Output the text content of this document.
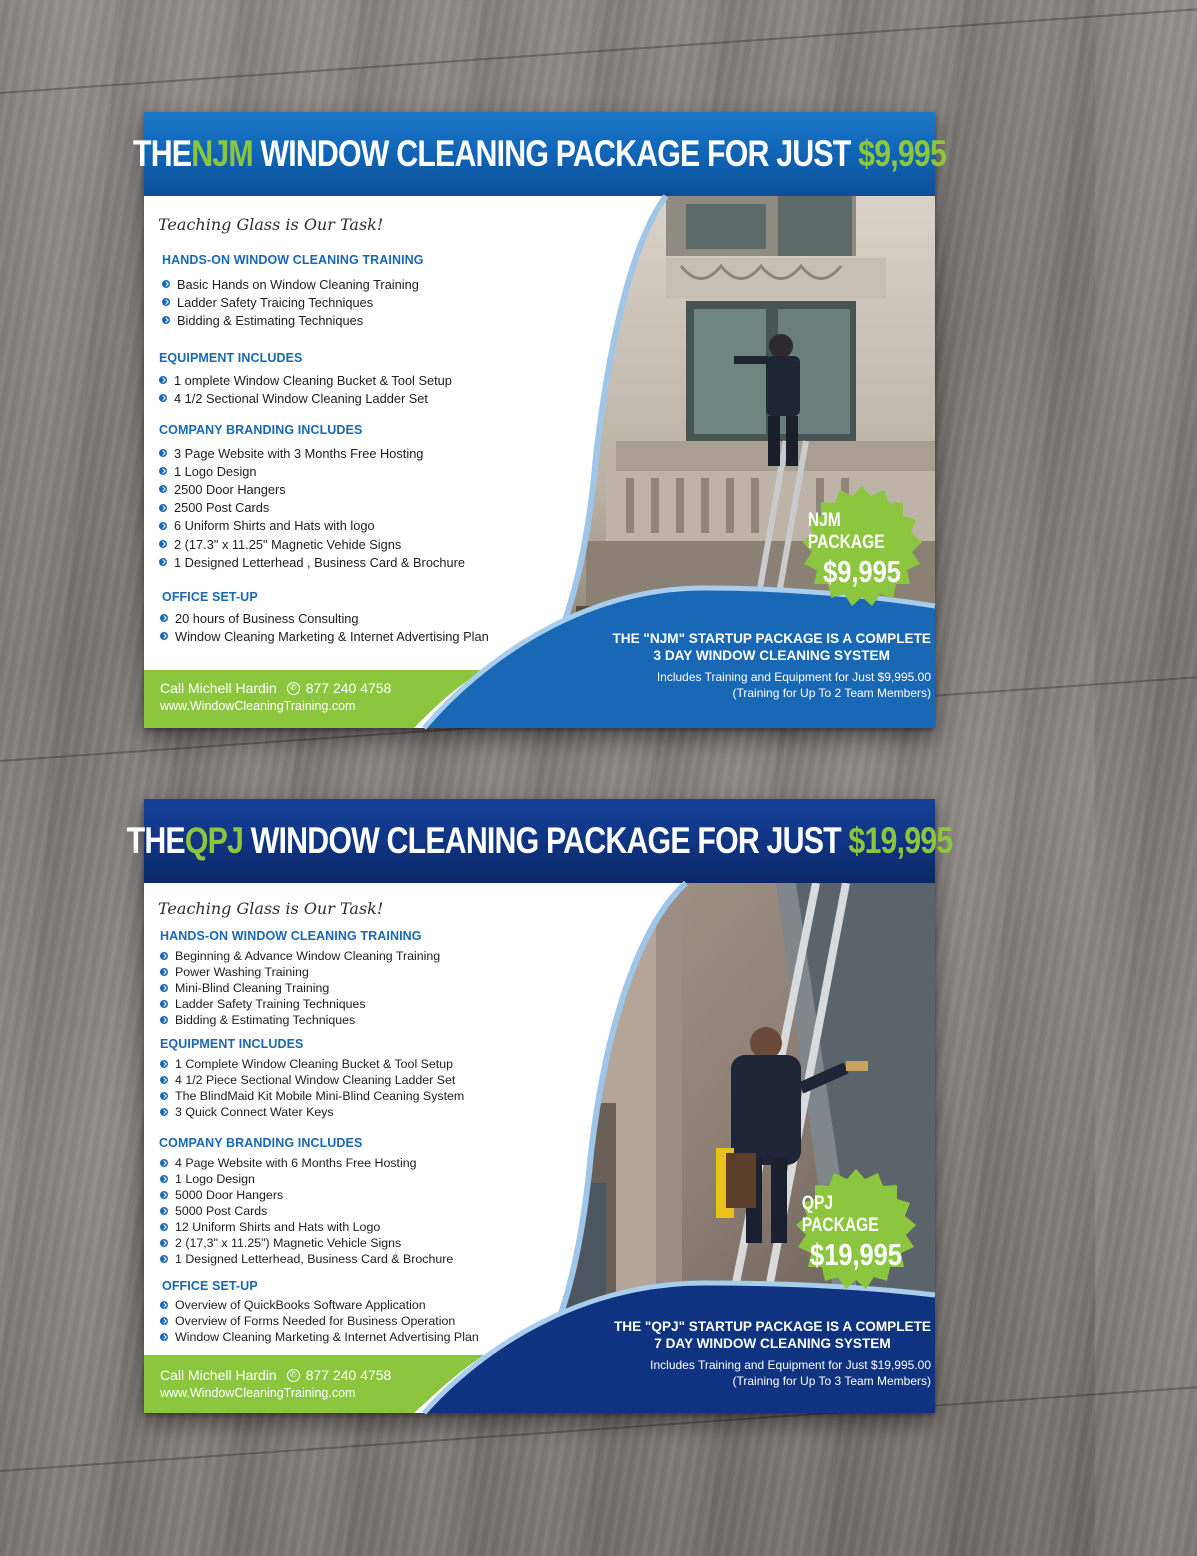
THE NJM WINDOW CLEANING PACKAGE FOR JUST $9,995
Teaching Glass is Our Task!
HANDS-ON WINDOW CLEANING TRAINING
Basic Hands on Window Cleaning Training
Ladder Safety Traicing Techniques
Bidding & Estimating Techniques
EQUIPMENT INCLUDES
1 omplete Window Cleaning Bucket & Tool Setup
4 1/2 Sectional Window Cleaning Ladder Set
COMPANY BRANDING INCLUDES
3 Page Website with 3 Months Free Hosting
1 Logo Design
2500 Door Hangers
2500 Post Cards
6 Uniform Shirts and Hats with logo
2 (17.3" x 11.25" Magnetic Vehide Signs
1 Designed Letterhead , Business Card & Brochure
OFFICE SET-UP
20 hours of Business Consulting
Window Cleaning Marketing & Internet Advertising Plan
Call Michell Hardin	✆ 877 240 4758
www.WindowCleaningTraining.com
THE "NJM" STARTUP PACKAGE IS A COMPLETE
3 DAY WINDOW CLEANING SYSTEM
Includes Training and Equipment for Just $9,995.00
(Training for Up To 2 Team Members)
NJM PACKAGE
$9,995
THE QPJ WINDOW CLEANING PACKAGE FOR JUST $19,995
Teaching Glass is Our Task!
HANDS-ON WINDOW CLEANING TRAINING
Beginning & Advance Window Cleaning Training
Power Washing Training
Mini-Blind Cleaning Training
Ladder Safety Training Techniques
Bidding & Estimating Techniques
EQUIPMENT INCLUDES
1 Complete Window Cleaning Bucket & Tool Setup
4 1/2 Piece Sectional Window Cleaning Ladder Set
The BlindMaid Kit Mobile Mini-Blind Ceaning System
3 Quick Connect Water Keys
COMPANY BRANDING INCLUDES
4 Page Website with 6 Months Free Hosting
1 Logo Design
5000 Door Hangers
5000 Post Cards
12 Uniform Shirts and Hats with Logo
2 (17,3" x 11.25") Magnetic Vehicle Signs
1 Designed Letterhead, Business Card & Brochure
OFFICE SET-UP
Overview of QuickBooks Software Application
Overview of Forms Needed for Business Operation
Window Cleaning Marketing & Internet Advertising Plan
Call Michell Hardin	✆ 877 240 4758
www.WindowCleaningTraining.com
THE "QPJ" STARTUP PACKAGE IS A COMPLETE
7 DAY WINDOW CLEANING SYSTEM
Includes Training and Equipment for Just $19,995.00
(Training for Up To 3 Team Members)
QPJ PACKAGE
$19,995
